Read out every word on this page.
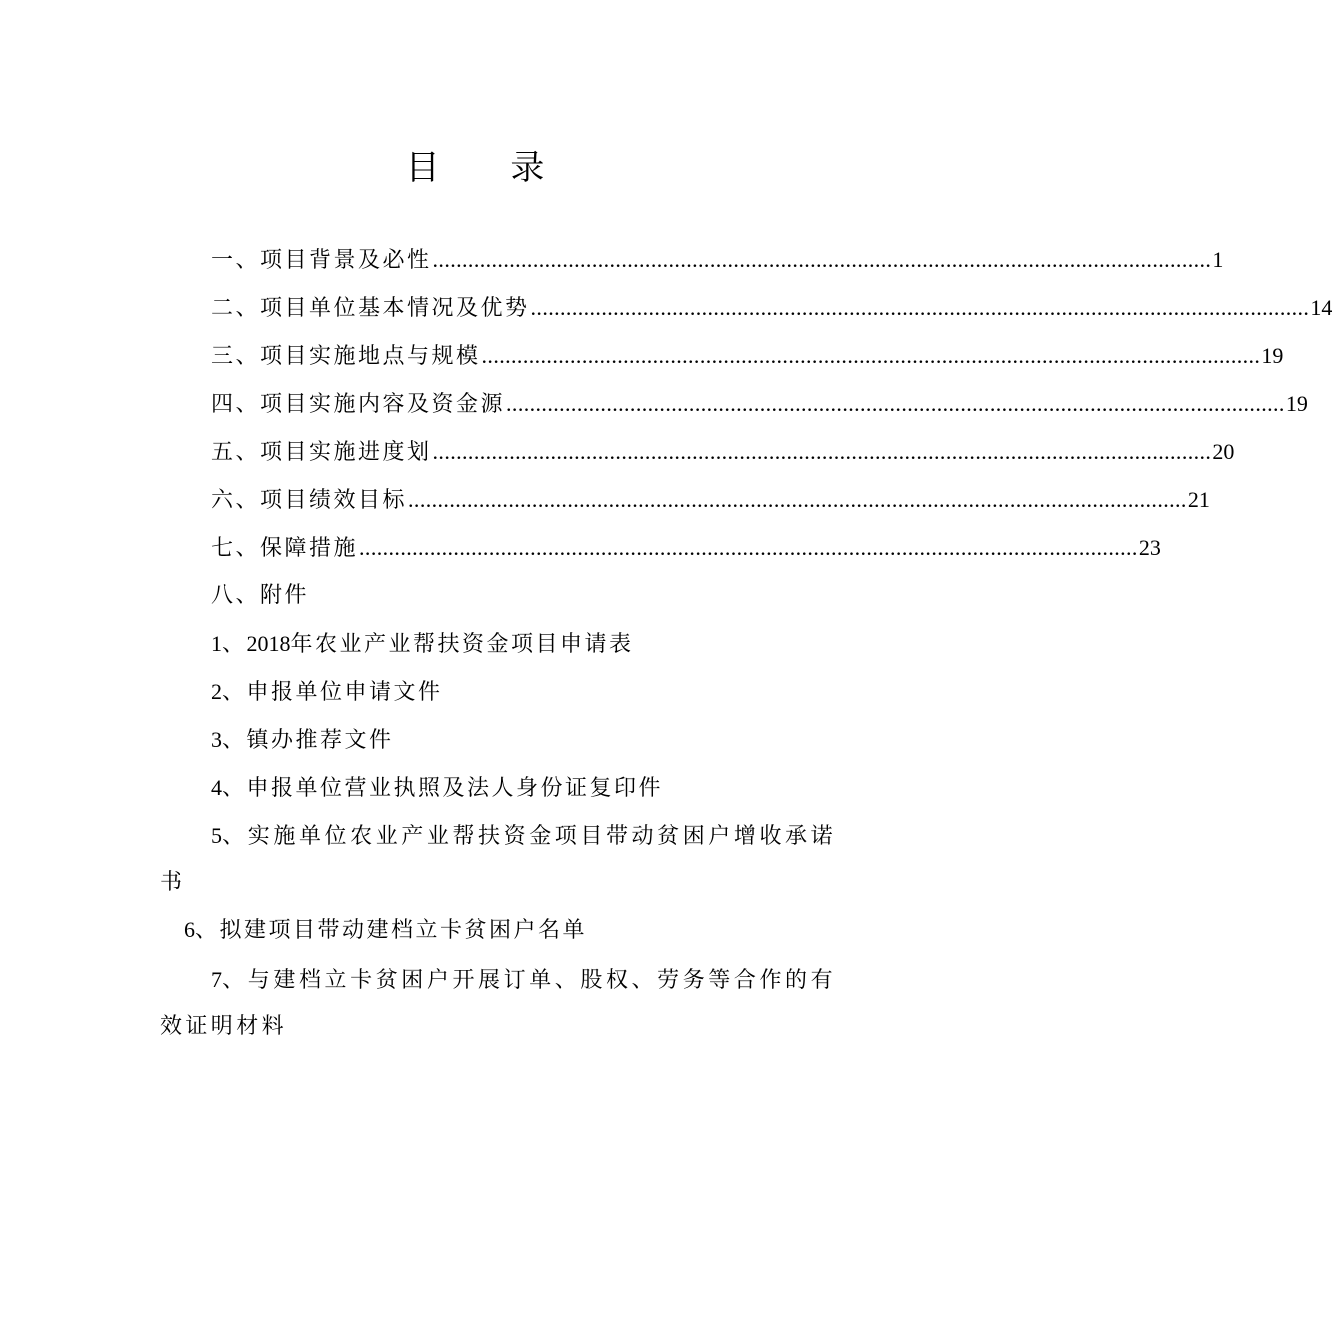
目 录
一、项目背景及必性 .................................................................................................................................... 1
二、项目单位基本情况及优势 .................................................................................................................................... 14
三、项目实施地点与规模 .................................................................................................................................... 19
四、项目实施内容及资金源 .................................................................................................................................... 19
五、项目实施进度划 .................................................................................................................................... 20
六、项目绩效目标 .................................................................................................................................... 21
七、保障措施 .................................................................................................................................... 23
八、附件
1、2018年农业产业帮扶资金项目申请表
2、申报单位申请文件
3、镇办推荐文件
4、申报单位营业执照及法人身份证复印件
5、实施单位农业产业帮扶资金项目带动贫困户增收承诺书
6、拟建项目带动建档立卡贫困户名单
7、与建档立卡贫困户开展订单、股权、劳务等合作的有效证明材料
